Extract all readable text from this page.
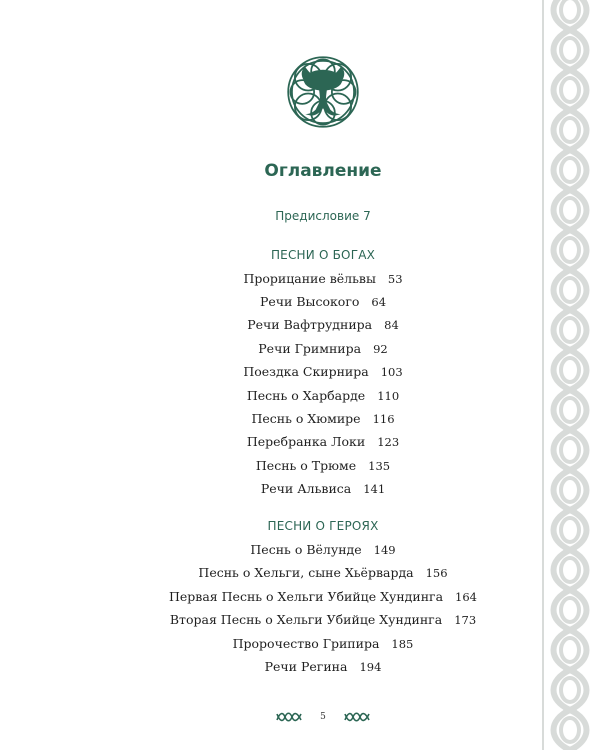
Оглавление
Предисловие 7
ПЕСНИ О БОГАХ
Прорицание вёльвы 53
Речи Высокого 64
Речи Вафтруднира 84
Речи Гримнира 92
Поездка Скирнира 103
Песнь о Харбарде 110
Песнь о Хюмире 116
Перебранка Локи 123
Песнь о Трюме 135
Речи Альвиса 141
ПЕСНИ О ГЕРОЯХ
Песнь о Вёлунде 149
Песнь о Хельги, сыне Хьёрварда 156
Первая Песнь о Хельги Убийце Хундинга 164
Вторая Песнь о Хельги Убийце Хундинга 173
Пророчество Грипира 185
Речи Регина 194
5
